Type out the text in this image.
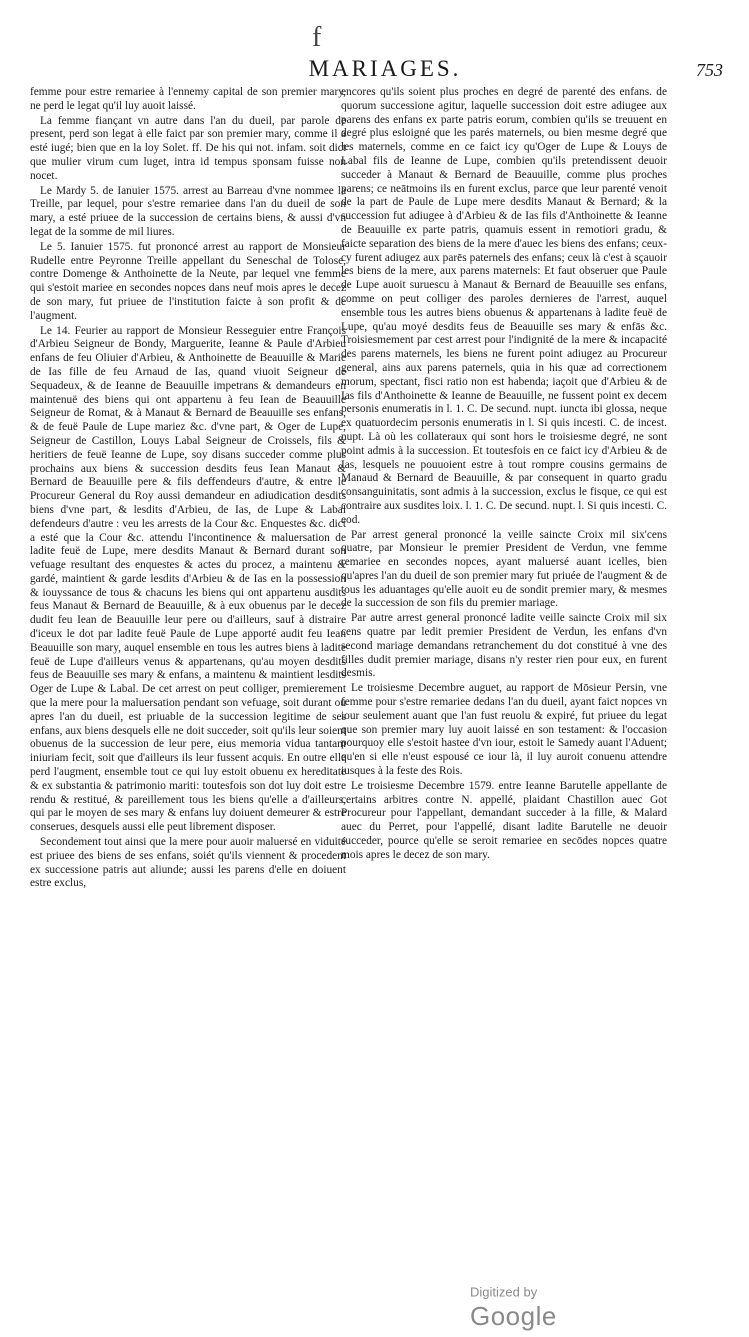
f
MARIAGES.	753

femme pour estre remariee à l'ennemy capital de son premier mary, ne perd le legat qu'il luy auoit laissé.

La femme fiançant vn autre dans l'an du dueil, par parole de present, perd son legat à elle faict par son premier mary, comme il a esté iugé; bien que en la loy Solet. ff. De his qui not. infam. soit dict que mulier virum cum luget, intra id tempus sponsam fuisse non nocet.

Le Mardy 5. de Ianuier 1575. arrest au Barreau d'vne nommee la Treille, par lequel, pour s'estre remariee dans l'an du dueil de son mary, a esté priuee de la succession de certains biens, & aussi d'vn legat de la somme de mil liures.

Le 5. Ianuier 1575. fut prononcé arrest au rapport de Monsieur Rudelle entre Peyronne Treille appellant du Seneschal de Tolose, contre Domenge & Anthoinette de la Neute, par lequel vne femme qui s'estoit mariee en secondes nopces dans neuf mois apres le decez de son mary, fut priuee de l'institution faicte à son profit & de l'augment.

Le 14. Feurier au rapport de Monsieur Resseguier entre François d'Arbieu Seigneur de Bondy, Marguerite, Ieanne & Paule d'Arbieu enfans de feu Oliuier d'Arbieu, & Anthoinette de Beauuille & Marie de Ias fille de feu Arnaud de Ias, quand viuoit Seigneur de Sequadeux, & de Ieanne de Beauuille impetrans & demandeurs en maintenuë des biens qui ont appartenu à feu Iean de Beauuille Seigneur de Romat, & à Manaut & Bernard de Beauuille ses enfans, & de feuë Paule de Lupe mariez &c. d'vne part, & Oger de Lupe, Seigneur de Castillon, Louys Labal Seigneur de Croissels, fils & heritiers de feuë Ieanne de Lupe, soy disans succeder comme plus prochains aux biens & succession desdits feus Iean Manaut & Bernard de Beauuille pere & fils deffendeurs d'autre, & entre le Procureur General du Roy aussi demandeur en adiudication desdits biens d'vne part, & lesdits d'Arbieu, de Ias, de Lupe & Labal defendeurs d'autre : veu les arrests de la Cour &c. Enquestes &c. dict a esté que la Cour &c. attendu l'incontinence & maluersation de ladite feuë de Lupe, mere desdits Manaut & Bernard durant son vefuage resultant des enquestes & actes du procez, a maintenu & gardé, maintient & garde lesdits d'Arbieu & de Ias en la possession & iouyssance de tous & chacuns les biens qui ont appartenu ausdits feus Manaut & Bernard de Beauuille, & à eux obuenus par le decez dudit feu Iean de Beauuille leur pere ou d'ailleurs, sauf à distraire d'iceux le dot par ladite feuë Paule de Lupe apporté audit feu Iean Beauuille son mary, auquel ensemble en tous les autres biens à ladite feuë de Lupe d'ailleurs venus & appartenans, qu'au moyen desdits feus de Beauuille ses mary & enfans, a maintenu & maintient lesdits Oger de Lupe & Labal. De cet arrest on peut colliger, premierement que la mere pour la maluersation pendant son vefuage, soit durant ou apres l'an du dueil, est priuable de la succession legitime de ses enfans, aux biens desquels elle ne doit succeder, soit qu'ils leur soient obuenus de la succession de leur pere, eius memoria vidua tantam iniuriam fecit, soit que d'ailleurs ils leur fussent acquis. En outre elle perd l'augment, ensemble tout ce qui luy estoit obuenu ex hereditate & ex substantia & patrimonio mariti: toutesfois son dot luy doit estre rendu & restitué, & pareillement tous les biens qu'elle a d'ailleurs, qui par le moyen de ses mary & enfans luy doiuent demeurer & estre conserues, desquels aussi elle peut librement disposer.

Secondement tout ainsi que la mere pour auoir maluersé en viduité est priuee des biens de ses enfans, soiét qu'ils viennent & procedent ex successione patris aut aliunde; aussi les parens d'elle en doiuent estre exclus,

encores qu'ils soient plus proches en degré de parenté des enfans. de quorum successione agitur, laquelle succession doit estre adiugee aux parens des enfans ex parte patris eorum, combien qu'ils se treuuent en degré plus esloigné que les parés maternels, ou bien mesme degré que les maternels, comme en ce faict icy qu'Oger de Lupe & Louys de Labal fils de Ieanne de Lupe, combien qu'ils pretendissent deuoir succeder à Manaut & Bernard de Beauuille, comme plus proches parens; ce neātmoins ils en furent exclus, parce que leur parenté venoit de la part de Paule de Lupe mere desdits Manaut & Bernard; & la succession fut adiugee à d'Arbieu & de Ias fils d'Anthoinette & Ieanne de Beauuille ex parte patris, quamuis essent in remotiori gradu, & faicte separation des biens de la mere d'auec les biens des enfans; ceux-cy furent adiugez aux parēs paternels des enfans; ceux là c'est à sçauoir les biens de la mere, aux parens maternels: Et faut obseruer que Paule de Lupe auoit suruescu à Manaut & Bernard de Beauuille ses enfans, comme on peut colliger des paroles dernieres de l'arrest, auquel ensemble tous les autres biens obuenus & appartenans à ladite feuë de Lupe, qu'au moyé desdits feus de Beauuille ses mary & enfās &c. Troisiesmement par cest arrest pour l'indignité de la mere & incapacité des parens maternels, les biens ne furent point adiugez au Procureur general, ains aux parens paternels, quia in his quæ ad correctionem morum, spectant, fisci ratio non est habenda; iaçoit que d'Arbieu & de Ias fils d'Anthoinette & Ieanne de Beauuille, ne fussent point ex decem personis enumeratis in l. 1. C. De secund. nupt. iuncta ibi glossa, neque ex quatuordecim personis enumeratis in l. Si quis incesti. C. de incest. nupt. Là où les collateraux qui sont hors le troisiesme degré, ne sont point admis à la succession. Et toutesfois en ce faict icy d'Arbieu & de Ias, lesquels ne pouuoient estre à tout rompre cousins germains de Manaud & Bernard de Beauuille, & par consequent in quarto gradu consanguinitatis, sont admis à la succession, exclus le fisque, ce qui est contraire aux susdites loix. l. 1. C. De secund. nupt. l. Si quis incesti. C. eod.

Par arrest general prononcé la veille saincte Croix mil six'cens quatre, par Monsieur le premier President de Verdun, vne femme remariee en secondes nopces, ayant maluersé auant icelles, bien qu'apres l'an du dueil de son premier mary fut priuée de l'augment & de tous les aduantages qu'elle auoit eu de sondit premier mary, & mesmes de la succession de son fils du premier mariage.

Par autre arrest general prononcé ladite veille saincte Croix mil six cens quatre par ledit premier President de Verdun, les enfans d'vn second mariage demandans retranchement du dot constitué à vne des filles dudit premier mariage, disans n'y rester rien pour eux, en furent desmis.

Le troisiesme Decembre auguet, au rapport de Mōsieur Persin, vne femme pour s'estre remariee dedans l'an du dueil, ayant faict nopces vn iour seulement auant que l'an fust reuolu & expiré, fut priuee du legat que son premier mary luy auoit laissé en son testament: & l'occasion pourquoy elle s'estoit hastee d'vn iour, estoit le Samedy auant l'Aduent; qu'en si elle n'eust espousé ce iour là, il luy auroit conuenu attendre iusques à la feste des Rois.

Le troisiesme Decembre 1579. entre Ieanne Barutelle appellante de certains arbitres contre N. appellé, plaidant Chastillon auec Got Procureur pour l'appellant, demandant succeder à la fille, & Malard auec du Perret, pour l'appellé, disant ladite Barutelle ne deuoir succeder, pource qu'elle se seroit remariee en secōdes nopces quatre mois apres le decez de son mary.

Digitized by Google
